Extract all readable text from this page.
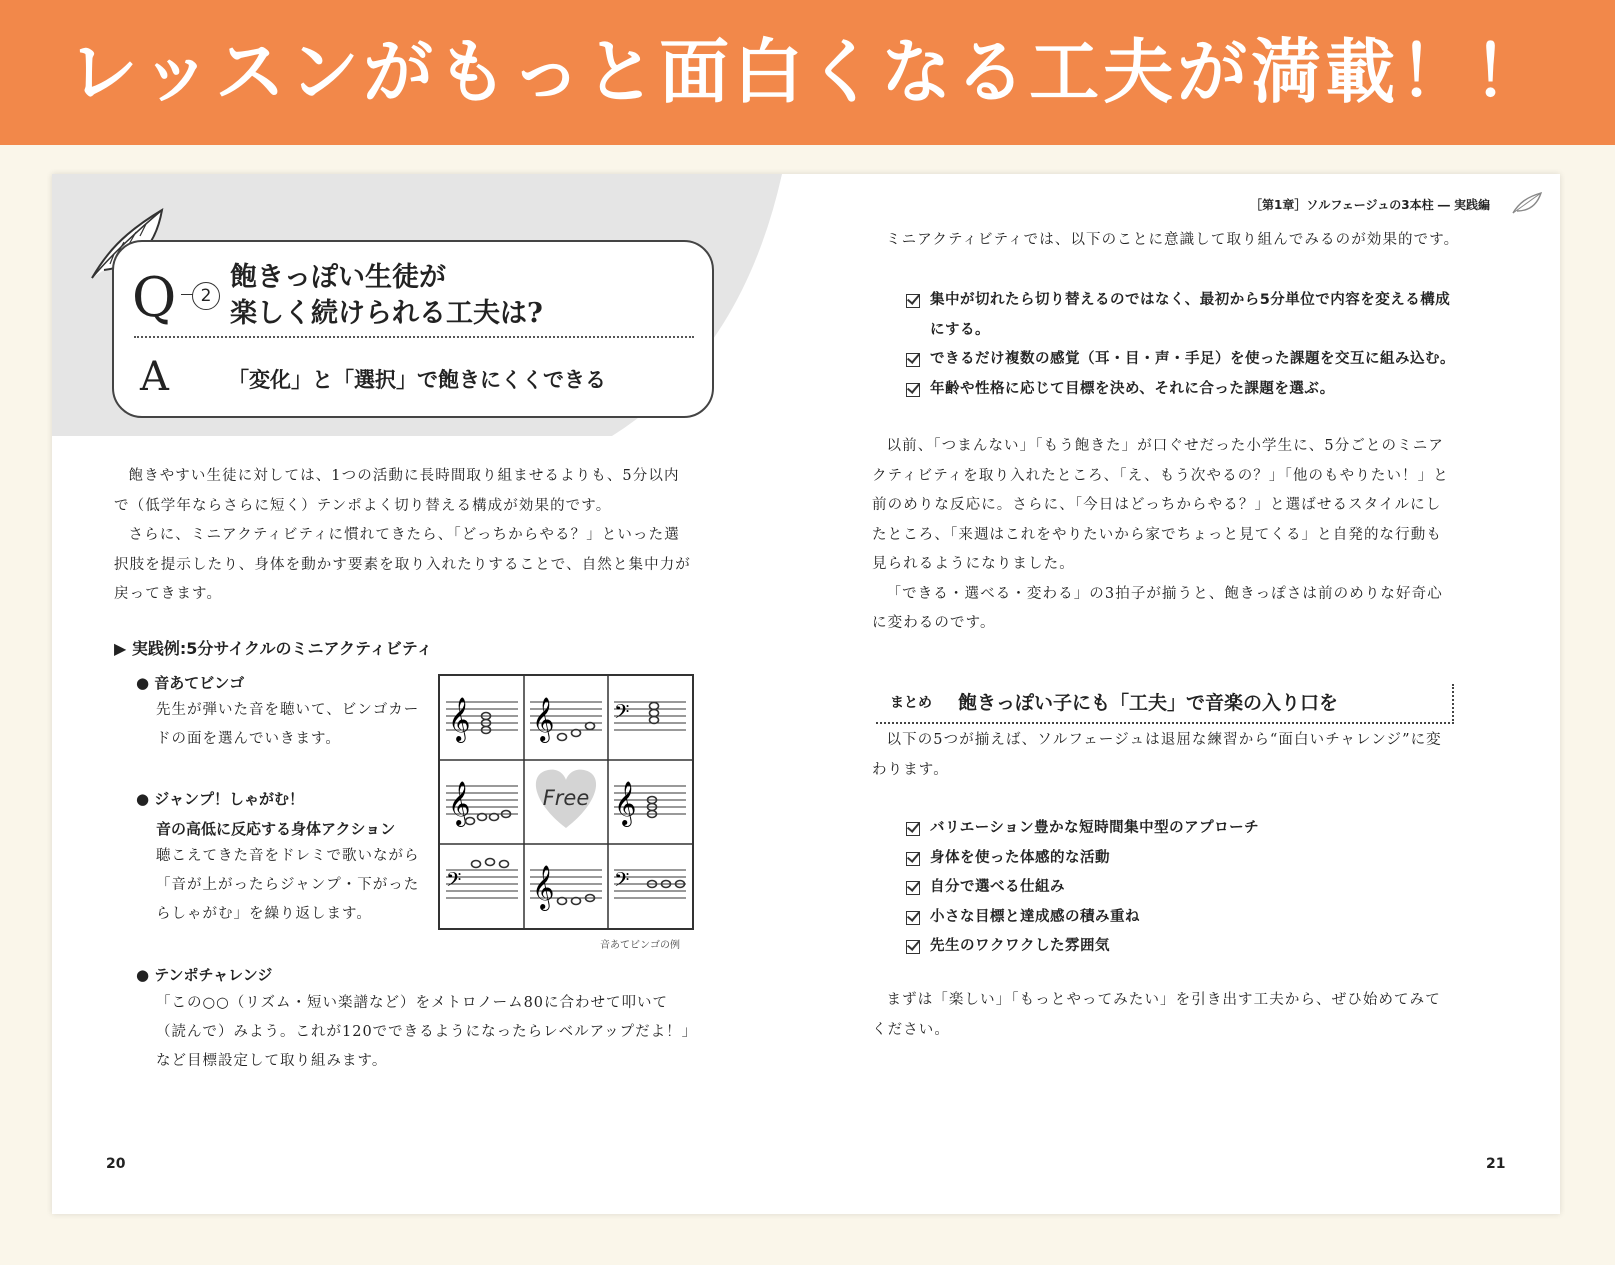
レッスンがもっと面白くなる工夫が満載！！
Q	2
飽きっぽい生徒が
楽しく続けられる工夫は?
A	「変化」と「選択」で飽きにくくできる

飽きやすい生徒に対しては、1つの活動に長時間取り組ませるよりも、5分以内で（低学年ならさらに短く）テンポよく切り替える構成が効果的です。

さらに、ミニアクティビティに慣れてきたら、「どっちからやる？」といった選択肢を提示したり、身体を動かす要素を取り入れたりすることで、自然と集中力が戻ってきます。

▶ 実践例:5分サイクルのミニアクティビティ
● 音あてビンゴ
先生が弾いた音を聴いて、ビンゴカードの面を選んでいきます。
● ジャンプ！しゃがむ！
音の高低に反応する身体アクション
聴こえてきた音をドレミで歌いながら「音が上がったらジャンプ・下がったらしゃがむ」を繰り返します。
𝄞 𝄞 𝄢
𝄞	Free 𝄞
𝄢 𝄞 𝄢
音あてビンゴの例
● テンポチャレンジ
「この○○（リズム・短い楽譜など）をメトロノーム80に合わせて叩いて（読んで）みよう。これが120でできるようになったらレベルアップだよ！」など目標設定して取り組みます。
20
［第1章］ソルフェージュの3本柱 ― 実践編
ミニアクティビティでは、以下のことに意識して取り組んでみるのが効果的です。
集中が切れたら切り替えるのではなく、最初から5分単位で内容を変える構成にする。
できるだけ複数の感覚（耳・目・声・手足）を使った課題を交互に組み込む。
年齢や性格に応じて目標を決め、それに合った課題を選ぶ。

以前、「つまんない」「もう飽きた」が口ぐせだった小学生に、5分ごとのミニアクティビティを取り入れたところ、「え、もう次やるの？」「他のもやりたい！」と前のめりな反応に。さらに、「今日はどっちからやる？」と選ばせるスタイルにしたところ、「来週はこれをやりたいから家でちょっと見てくる」と自発的な行動も見られるようになりました。

「できる・選べる・変わる」の3拍子が揃うと、飽きっぽさは前のめりな好奇心に変わるのです。

まとめ 飽きっぽい子にも「工夫」で音楽の入り口を

以下の5つが揃えば、ソルフェージュは退屈な練習から“面白いチャレンジ”に変わります。

バリエーション豊かな短時間集中型のアプローチ
身体を使った体感的な活動
自分で選べる仕組み
小さな目標と達成感の積み重ね
先生のワクワクした雰囲気

まずは「楽しい」「もっとやってみたい」を引き出す工夫から、ぜひ始めてみてください。

21
